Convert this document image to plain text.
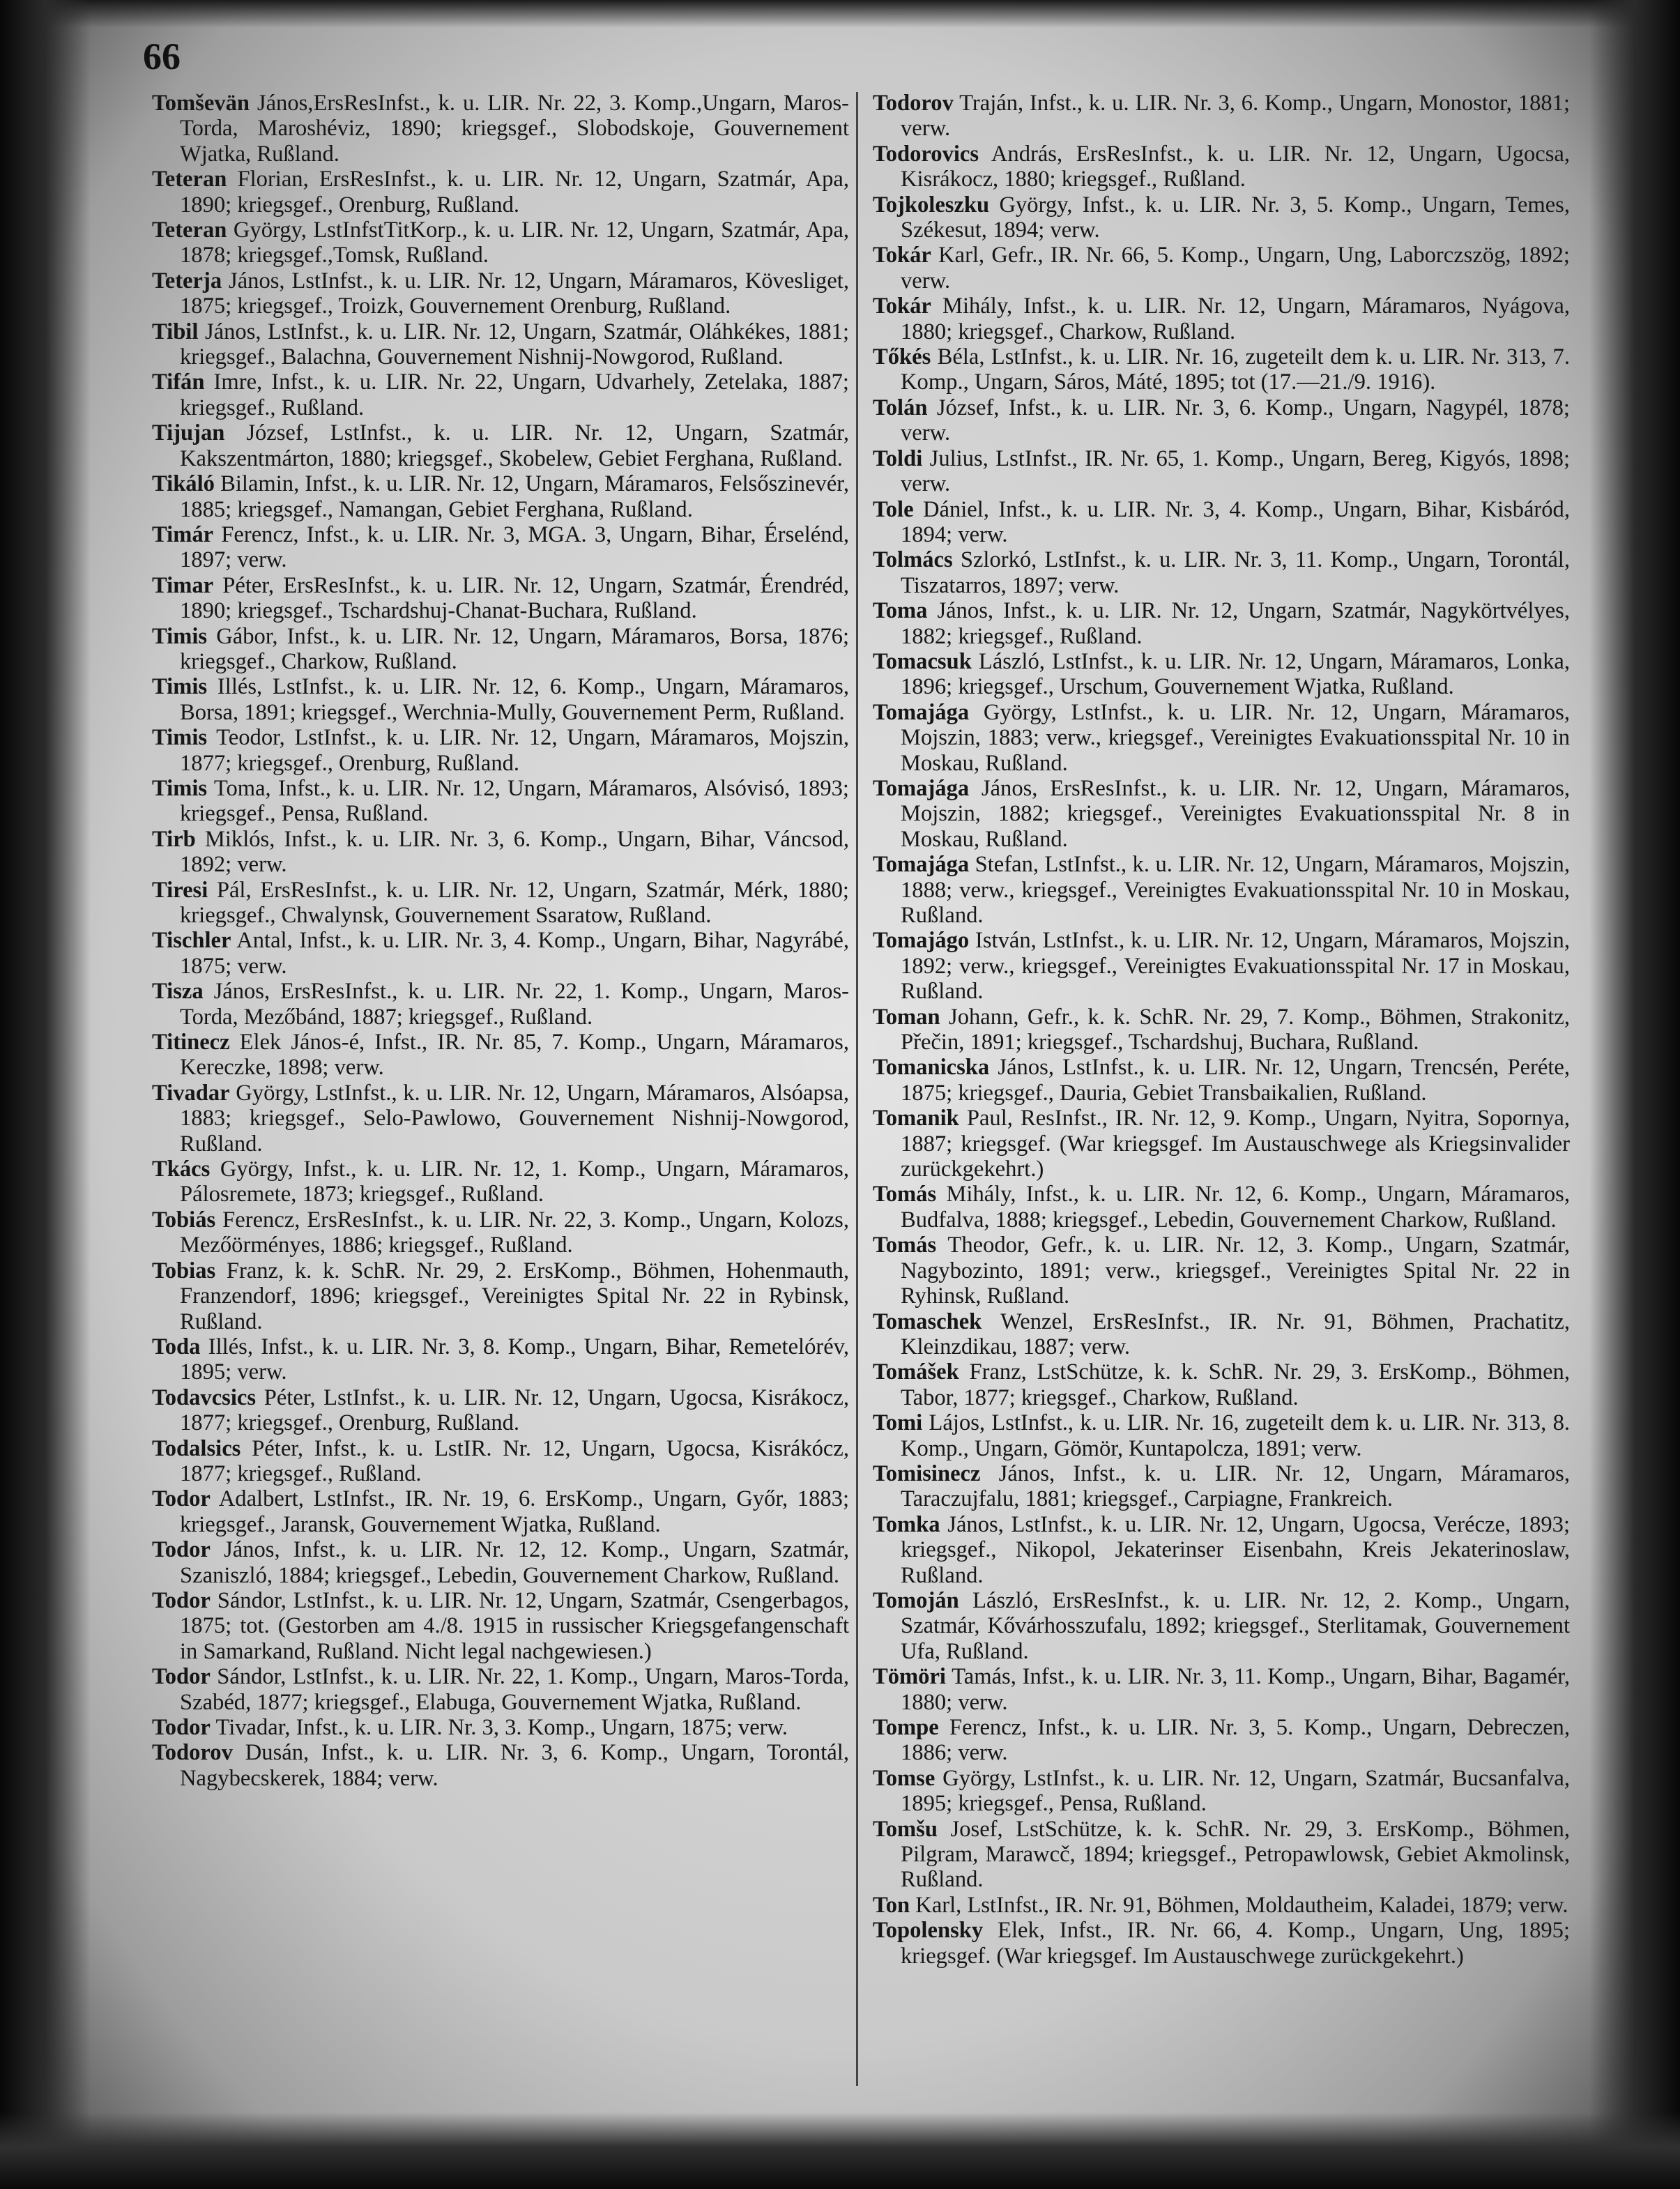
66

Tomševän János,ErsResInfst., k. u. LIR. Nr. 22, 3. Komp.,Ungarn, Maros-Torda, Maroshéviz, 1890; kriegsgef., Slobodskoje, Gouvernement Wjatka, Rußland.

Teteran Florian, ErsResInfst., k. u. LIR. Nr. 12, Ungarn, Szatmár, Apa, 1890; kriegsgef., Orenburg, Rußland.

Teteran György, LstInfstTitKorp., k. u. LIR. Nr. 12, Ungarn, Szatmár, Apa, 1878; kriegsgef.,Tomsk, Rußland.

Teterja János, LstInfst., k. u. LIR. Nr. 12, Ungarn, Máramaros, Kövesliget, 1875; kriegsgef., Troizk, Gouvernement Orenburg, Rußland.

Tibil János, LstInfst., k. u. LIR. Nr. 12, Ungarn, Szatmár, Oláhkékes, 1881; kriegsgef., Balachna, Gouvernement Nishnij-Nowgorod, Rußland.

Tifán Imre, Infst., k. u. LIR. Nr. 22, Ungarn, Udvarhely, Zetelaka, 1887; kriegsgef., Rußland.

Tijujan József, LstInfst., k. u. LIR. Nr. 12, Ungarn, Szatmár, Kakszentmárton, 1880; kriegsgef., Skobelew, Gebiet Ferghana, Rußland.

Tikáló Bilamin, Infst., k. u. LIR. Nr. 12, Ungarn, Máramaros, Felsőszinevér, 1885; kriegsgef., Namangan, Gebiet Ferghana, Rußland.

Timár Ferencz, Infst., k. u. LIR. Nr. 3, MGA. 3, Ungarn, Bihar, Érselénd, 1897; verw.

Timar Péter, ErsResInfst., k. u. LIR. Nr. 12, Ungarn, Szatmár, Érendréd, 1890; kriegsgef., Tschardshuj-Chanat-Buchara, Rußland.

Timis Gábor, Infst., k. u. LIR. Nr. 12, Ungarn, Máramaros, Borsa, 1876; kriegsgef., Charkow, Rußland.

Timis Illés, LstInfst., k. u. LIR. Nr. 12, 6. Komp., Ungarn, Máramaros, Borsa, 1891; kriegsgef., Werchnia-Mully, Gouvernement Perm, Rußland.

Timis Teodor, LstInfst., k. u. LIR. Nr. 12, Ungarn, Máramaros, Mojszin, 1877; kriegsgef., Orenburg, Rußland.

Timis Toma, Infst., k. u. LIR. Nr. 12, Ungarn, Máramaros, Alsóvisó, 1893; kriegsgef., Pensa, Rußland.

Tirb Miklós, Infst., k. u. LIR. Nr. 3, 6. Komp., Ungarn, Bihar, Váncsod, 1892; verw.

Tiresi Pál, ErsResInfst., k. u. LIR. Nr. 12, Ungarn, Szatmár, Mérk, 1880; kriegsgef., Chwalynsk, Gouvernement Ssaratow, Rußland.

Tischler Antal, Infst., k. u. LIR. Nr. 3, 4. Komp., Ungarn, Bihar, Nagyrábé, 1875; verw.

Tisza János, ErsResInfst., k. u. LIR. Nr. 22, 1. Komp., Ungarn, Maros-Torda, Mezőbánd, 1887; kriegsgef., Rußland.

Titinecz Elek János-é, Infst., IR. Nr. 85, 7. Komp., Ungarn, Máramaros, Kereczke, 1898; verw.

Tivadar György, LstInfst., k. u. LIR. Nr. 12, Ungarn, Máramaros, Alsóapsa, 1883; kriegsgef., Selo-Pawlowo, Gouvernement Nishnij-Nowgorod, Rußland.

Tkács György, Infst., k. u. LIR. Nr. 12, 1. Komp., Ungarn, Máramaros, Pálosremete, 1873; kriegsgef., Rußland.

Tobiás Ferencz, ErsResInfst., k. u. LIR. Nr. 22, 3. Komp., Ungarn, Kolozs, Mezőörményes, 1886; kriegsgef., Rußland.

Tobias Franz, k. k. SchR. Nr. 29, 2. ErsKomp., Böhmen, Hohenmauth, Franzendorf, 1896; kriegsgef., Vereinigtes Spital Nr. 22 in Rybinsk, Rußland.

Toda Illés, Infst., k. u. LIR. Nr. 3, 8. Komp., Ungarn, Bihar, Remetelórév, 1895; verw.

Todavcsics Péter, LstInfst., k. u. LIR. Nr. 12, Ungarn, Ugocsa, Kisrákocz, 1877; kriegsgef., Orenburg, Rußland.

Todalsics Péter, Infst., k. u. LstIR. Nr. 12, Ungarn, Ugocsa, Kisrákócz, 1877; kriegsgef., Rußland.

Todor Adalbert, LstInfst., IR. Nr. 19, 6. ErsKomp., Ungarn, Győr, 1883; kriegsgef., Jaransk, Gouvernement Wjatka, Rußland.

Todor János, Infst., k. u. LIR. Nr. 12, 12. Komp., Ungarn, Szatmár, Szaniszló, 1884; kriegsgef., Lebedin, Gouvernement Charkow, Rußland.

Todor Sándor, LstInfst., k. u. LIR. Nr. 12, Ungarn, Szatmár, Csengerbagos, 1875; tot. (Gestorben am 4./8. 1915 in russischer Kriegsgefangenschaft in Samarkand, Rußland. Nicht legal nachgewiesen.)

Todor Sándor, LstInfst., k. u. LIR. Nr. 22, 1. Komp., Ungarn, Maros-Torda, Szabéd, 1877; kriegsgef., Elabuga, Gouvernement Wjatka, Rußland.

Todor Tivadar, Infst., k. u. LIR. Nr. 3, 3. Komp., Ungarn, 1875; verw.

Todorov Dusán, Infst., k. u. LIR. Nr. 3, 6. Komp., Ungarn, Torontál, Nagybecskerek, 1884; verw.

Todorov Traján, Infst., k. u. LIR. Nr. 3, 6. Komp., Ungarn, Monostor, 1881; verw.

Todorovics András, ErsResInfst., k. u. LIR. Nr. 12, Ungarn, Ugocsa, Kisrákocz, 1880; kriegsgef., Rußland.

Tojkoleszku György, Infst., k. u. LIR. Nr. 3, 5. Komp., Ungarn, Temes, Székesut, 1894; verw.

Tokár Karl, Gefr., IR. Nr. 66, 5. Komp., Ungarn, Ung, Laborczszög, 1892; verw.

Tokár Mihály, Infst., k. u. LIR. Nr. 12, Ungarn, Máramaros, Nyágova, 1880; kriegsgef., Charkow, Rußland.

Tőkés Béla, LstInfst., k. u. LIR. Nr. 16, zugeteilt dem k. u. LIR. Nr. 313, 7. Komp., Ungarn, Sáros, Máté, 1895; tot (17.—21./9. 1916).

Tolán József, Infst., k. u. LIR. Nr. 3, 6. Komp., Ungarn, Nagypél, 1878; verw.

Toldi Julius, LstInfst., IR. Nr. 65, 1. Komp., Ungarn, Bereg, Kigyós, 1898; verw.

Tole Dániel, Infst., k. u. LIR. Nr. 3, 4. Komp., Ungarn, Bihar, Kisbáród, 1894; verw.

Tolmács Szlorkó, LstInfst., k. u. LIR. Nr. 3, 11. Komp., Ungarn, Torontál, Tiszatarros, 1897; verw.

Toma János, Infst., k. u. LIR. Nr. 12, Ungarn, Szatmár, Nagykörtvélyes, 1882; kriegsgef., Rußland.

Tomacsuk László, LstInfst., k. u. LIR. Nr. 12, Ungarn, Máramaros, Lonka, 1896; kriegsgef., Urschum, Gouvernement Wjatka, Rußland.

Tomajága György, LstInfst., k. u. LIR. Nr. 12, Ungarn, Máramaros, Mojszin, 1883; verw., kriegsgef., Vereinigtes Evakuationsspital Nr. 10 in Moskau, Rußland.

Tomajága János, ErsResInfst., k. u. LIR. Nr. 12, Ungarn, Máramaros, Mojszin, 1882; kriegsgef., Vereinigtes Evakuationsspital Nr. 8 in Moskau, Rußland.

Tomajága Stefan, LstInfst., k. u. LIR. Nr. 12, Ungarn, Máramaros, Mojszin, 1888; verw., kriegsgef., Vereinigtes Evakuationsspital Nr. 10 in Moskau, Rußland.

Tomajágo István, LstInfst., k. u. LIR. Nr. 12, Ungarn, Máramaros, Mojszin, 1892; verw., kriegsgef., Vereinigtes Evakuationsspital Nr. 17 in Moskau, Rußland.

Toman Johann, Gefr., k. k. SchR. Nr. 29, 7. Komp., Böhmen, Strakonitz, Přečin, 1891; kriegsgef., Tschardshuj, Buchara, Rußland.

Tomanicska János, LstInfst., k. u. LIR. Nr. 12, Ungarn, Trencsén, Peréte, 1875; kriegsgef., Dauria, Gebiet Transbaikalien, Rußland.

Tomanik Paul, ResInfst., IR. Nr. 12, 9. Komp., Ungarn, Nyitra, Sopornya, 1887; kriegsgef. (War kriegsgef. Im Austauschwege als Kriegsinvalider zurückgekehrt.)

Tomás Mihály, Infst., k. u. LIR. Nr. 12, 6. Komp., Ungarn, Máramaros, Budfalva, 1888; kriegsgef., Lebedin, Gouvernement Charkow, Rußland.

Tomás Theodor, Gefr., k. u. LIR. Nr. 12, 3. Komp., Ungarn, Szatmár, Nagybozinto, 1891; verw., kriegsgef., Vereinigtes Spital Nr. 22 in Ryhinsk, Rußland.

Tomaschek Wenzel, ErsResInfst., IR. Nr. 91, Böhmen, Prachatitz, Kleinzdikau, 1887; verw.

Tomášek Franz, LstSchütze, k. k. SchR. Nr. 29, 3. ErsKomp., Böhmen, Tabor, 1877; kriegsgef., Charkow, Rußland.

Tomi Lájos, LstInfst., k. u. LIR. Nr. 16, zugeteilt dem k. u. LIR. Nr. 313, 8. Komp., Ungarn, Gömör, Kuntapolcza, 1891; verw.

Tomisinecz János, Infst., k. u. LIR. Nr. 12, Ungarn, Máramaros, Taraczujfalu, 1881; kriegsgef., Carpiagne, Frankreich.

Tomka János, LstInfst., k. u. LIR. Nr. 12, Ungarn, Ugocsa, Verécze, 1893; kriegsgef., Nikopol, Jekaterinser Eisenbahn, Kreis Jekaterinoslaw, Rußland.

Tomoján László, ErsResInfst., k. u. LIR. Nr. 12, 2. Komp., Ungarn, Szatmár, Kővárhosszufalu, 1892; kriegsgef., Sterlitamak, Gouvernement Ufa, Rußland.

Tömöri Tamás, Infst., k. u. LIR. Nr. 3, 11. Komp., Ungarn, Bihar, Bagamér, 1880; verw.

Tompe Ferencz, Infst., k. u. LIR. Nr. 3, 5. Komp., Ungarn, Debreczen, 1886; verw.

Tomse György, LstInfst., k. u. LIR. Nr. 12, Ungarn, Szatmár, Bucsanfalva, 1895; kriegsgef., Pensa, Rußland.

Tomšu Josef, LstSchütze, k. k. SchR. Nr. 29, 3. ErsKomp., Böhmen, Pilgram, Marawcč, 1894; kriegsgef., Petropawlowsk, Gebiet Akmolinsk, Rußland.

Ton Karl, LstInfst., IR. Nr. 91, Böhmen, Moldautheim, Kaladei, 1879; verw.

Topolensky Elek, Infst., IR. Nr. 66, 4. Komp., Ungarn, Ung, 1895; kriegsgef. (War kriegsgef. Im Austauschwege zurückgekehrt.)
